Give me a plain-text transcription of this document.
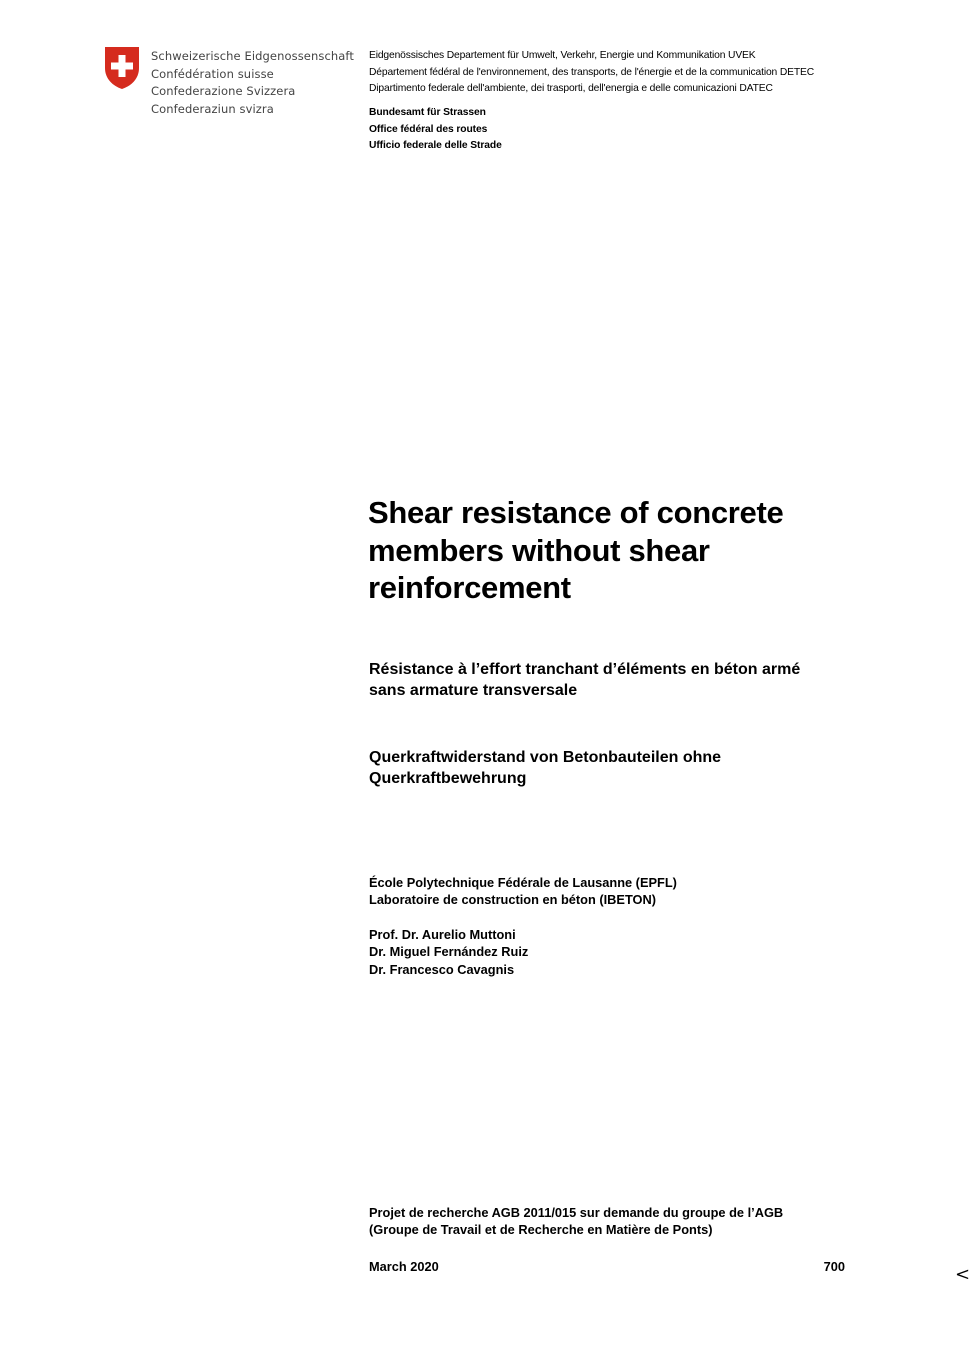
Schweizerische Eidgenossenschaft
Confédération suisse
Confederazione Svizzera
Confederaziun svizra
Eidgenössisches Departement für Umwelt, Verkehr, Energie und Kommunikation UVEK
Département fédéral de l'environnement, des transports, de l'énergie et de la communication DETEC
Dipartimento federale dell'ambiente, dei trasporti, dell'energia e delle comunicazioni DATEC
Bundesamt für Strassen
Office fédéral des routes
Ufficio federale delle Strade
Shear resistance of concrete
members without shear
reinforcement
Résistance à l’effort tranchant d’éléments en béton armé
sans armature transversale
Querkraftwiderstand von Betonbauteilen ohne
Querkraftbewehrung
École Polytechnique Fédérale de Lausanne (EPFL)
Laboratoire de construction en béton (IBETON)
Prof. Dr. Aurelio Muttoni
Dr. Miguel Fernández Ruiz
Dr. Francesco Cavagnis
Projet de recherche AGB 2011/015 sur demande du groupe de l’AGB
(Groupe de Travail et de Recherche en Matière de Ponts)
March 2020	700	<
